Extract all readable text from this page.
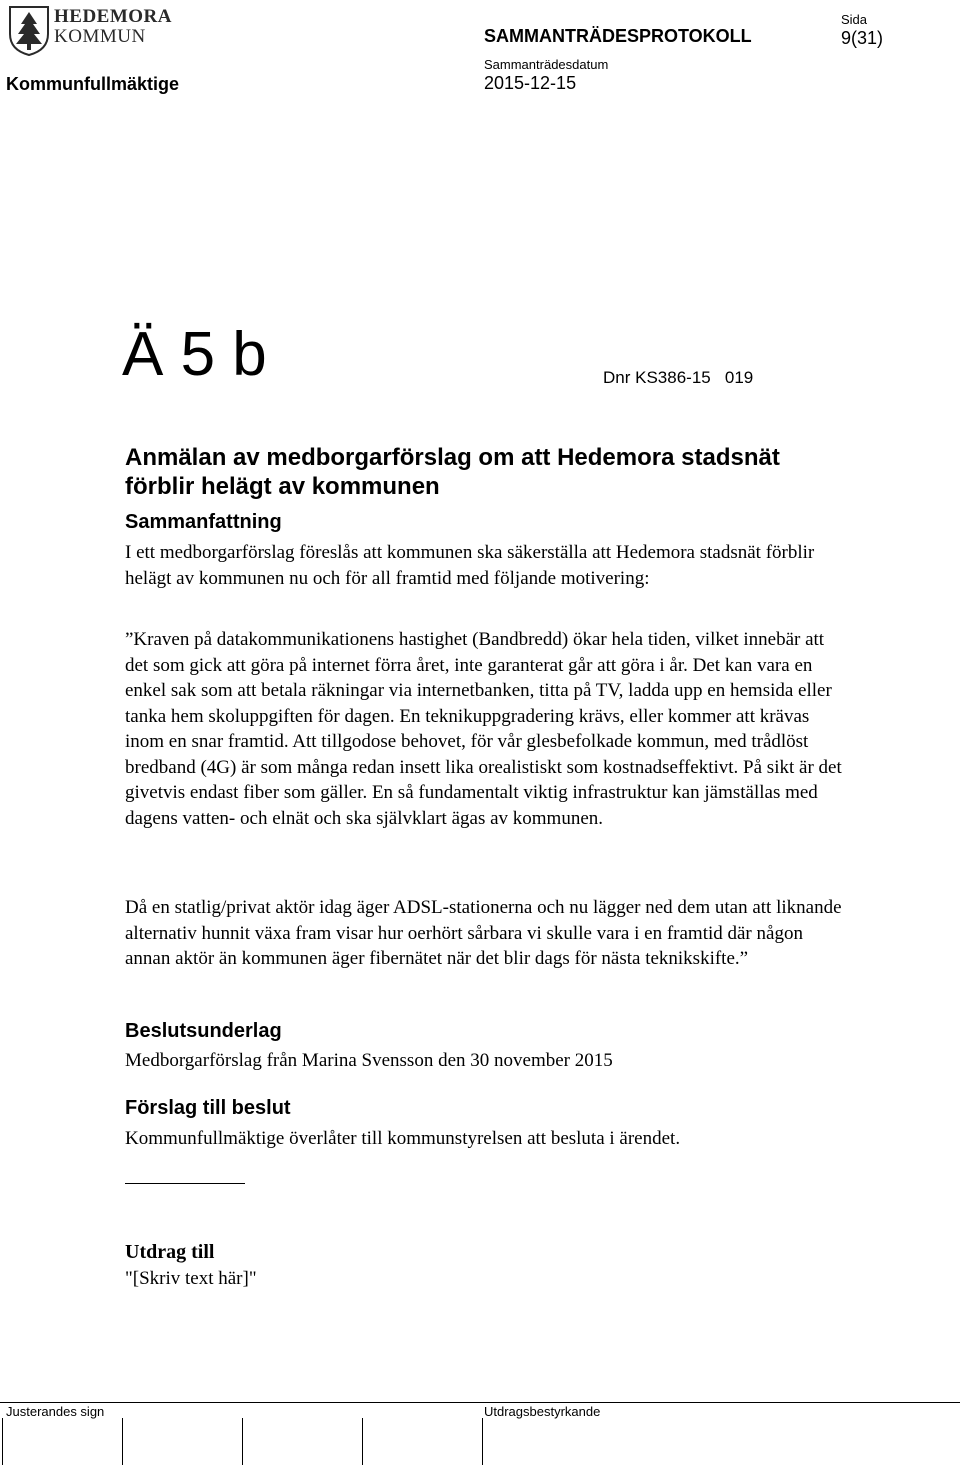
HEDEMORA
KOMMUN	SAMMANTRÄDESPROTOKOLL
Sida
9(31)
Kommunfullmäktige
Sammanträdesdatum
2015-12-15
Ä 5 b	Dnr KS386-15   019
Anmälan av medborgarförslag om att Hedemora stadsnät förblir helägt av kommunen
Sammanfattning
I ett medborgarförslag föreslås att kommunen ska säkerställa att Hedemora stadsnät förblir helägt av kommunen nu och för all framtid med följande motivering:
”Kraven på datakommunikationens hastighet (Bandbredd) ökar hela tiden, vilket innebär att det som gick att göra på internet förra året, inte garanterat går att göra i år. Det kan vara en enkel sak som att betala räkningar via internetbanken, titta på TV, ladda upp en hemsida eller tanka hem skoluppgiften för dagen. En teknikuppgradering krävs, eller kommer att krävas inom en snar framtid. Att tillgodose behovet, för vår glesbefolkade kommun, med trådlöst bredband (4G) är som många redan insett lika orealistiskt som kostnadseffektivt. På sikt är det givetvis endast fiber som gäller. En så fundamentalt viktig infrastruktur kan jämställas med dagens vatten- och elnät och ska självklart ägas av kommunen.
Då en statlig/privat aktör idag äger ADSL-stationerna och nu lägger ned dem utan att liknande alternativ hunnit växa fram visar hur oerhört sårbara vi skulle vara i en framtid där någon annan aktör än kommunen äger fibernätet när det blir dags för nästa teknikskifte.”
Beslutsunderlag
Medborgarförslag från Marina Svensson den 30 november 2015
Förslag till beslut
Kommunfullmäktige överlåter till kommunstyrelsen att besluta i ärendet.
Utdrag till
"[Skriv text här]"
Justerandes sign	Utdragsbestyrkande
